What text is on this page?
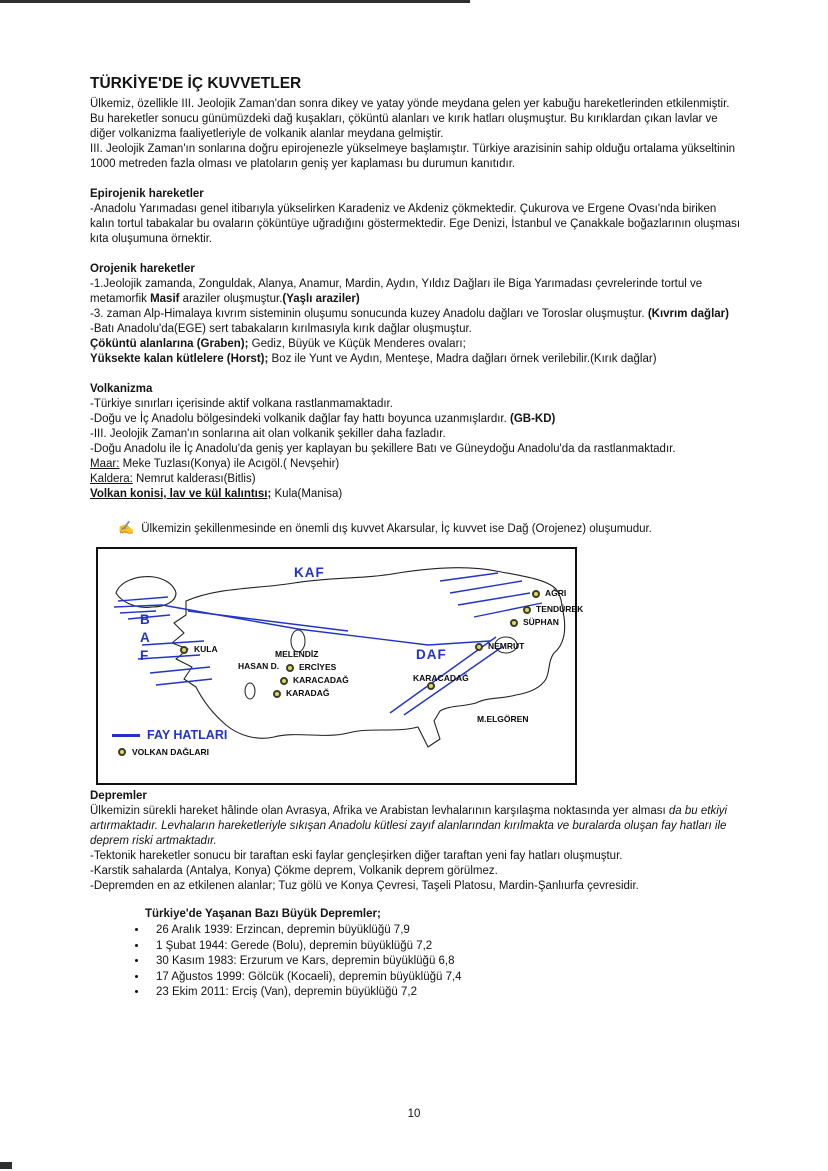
TÜRKİYE'DE İÇ KUVVETLER
Ülkemiz, özellikle III. Jeolojik Zaman'dan sonra dikey ve yatay yönde meydana gelen yer kabuğu hareketlerinden etkilenmiştir. Bu hareketler sonucu günümüzdeki dağ kuşakları, çöküntü alanları ve kırık hatları oluşmuştur. Bu kırıklardan çıkan lavlar ve diğer volkanizma faaliyetleriyle de volkanik alanlar meydana gelmiştir.
III. Jeolojik Zaman'ın sonlarına doğru epirojenezle yükselmeye başlamıştır. Türkiye arazisinin sahip olduğu ortalama yükseltinin 1000 metreden fazla olması ve platoların geniş yer kaplaması bu durumun kanıtıdır.
Epirojenik hareketler
-Anadolu Yarımadası genel itibarıyla yükselirken Karadeniz ve Akdeniz çökmektedir. Çukurova ve Ergene Ovası'nda biriken kalın tortul tabakalar bu ovaların çöküntüye uğradığını göstermektedir. Ege Denizi, İstanbul ve Çanakkale boğazlarının oluşması kıta oluşumuna örnektir.
Orojenik hareketler
-1.Jeolojik zamanda, Zonguldak, Alanya, Anamur, Mardin, Aydın, Yıldız Dağları ile Biga Yarımadası çevrelerinde tortul ve metamorfik Masif araziler oluşmuştur.(Yaşlı araziler)
-3. zaman Alp-Himalaya kıvrım sisteminin oluşumu sonucunda kuzey Anadolu dağları ve Toroslar oluşmuştur. (Kıvrım dağlar)
-Batı Anadolu'da(EGE) sert tabakaların kırılmasıyla kırık dağlar oluşmuştur.
Çöküntü alanlarına (Graben); Gediz, Büyük ve Küçük Menderes ovaları;
Yüksekte kalan kütlelere (Horst); Boz ile Yunt ve Aydın, Menteşe, Madra dağları örnek verilebilir.(Kırık dağlar)
Volkanizma
-Türkiye sınırları içerisinde aktif volkana rastlanmamaktadır.
-Doğu ve İç Anadolu bölgesindeki volkanik dağlar fay hattı boyunca uzanmışlardır. (GB-KD)
-III. Jeolojik Zaman'ın sonlarına ait olan volkanik şekiller daha fazladır.
-Doğu Anadolu ile İç Anadolu'da geniş yer kaplayan bu şekillere Batı ve Güneydoğu Anadolu'da da rastlanmaktadır.
Maar: Meke Tuzlası(Konya) ile Acıgöl.( Nevşehir)
Kaldera: Nemrut kalderası(Bitlis)
Volkan konisi, lav ve kül kalıntısı; Kula(Manisa)
✍ Ülkemizin şekillenmesinde en önemli dış kuvvet Akarsular, İç kuvvet ise Dağ (Orojenez) oluşumudur.
KAF
DAF
B
A
F
FAY HATLARI
VOLKAN DAĞLARI
AĞRI
TENDÜREK
SÜPHAN
NEMRUT
KULA	MELENDİZ
HASAN D. ERCİYES
KARACADAĞ
KARADAĞ
KARACADAĞ
M.ELGÖREN
Depremler
Ülkemizin sürekli hareket hâlinde olan Avrasya, Afrika ve Arabistan levhalarının karşılaşma noktasında yer alması da bu etkiyi artırmaktadır. Levhaların hareketleriyle sıkışan Anadolu kütlesi zayıf alanlarından kırılmakta ve buralarda oluşan fay hatları ile deprem riski artmaktadır.
-Tektonik hareketler sonucu bir taraftan eski faylar gençleşirken diğer taraftan yeni fay hatları oluşmuştur.
-Karstik sahalarda (Antalya, Konya) Çökme deprem, Volkanik deprem görülmez.
-Depremden en az etkilenen alanlar; Tuz gölü ve Konya Çevresi, Taşeli Platosu, Mardin-Şanlıurfa çevresidir.
Türkiye'de Yaşanan Bazı Büyük Depremler;
• 26 Aralık 1939: Erzincan, depremin büyüklüğü 7,9
• 1 Şubat 1944: Gerede (Bolu), depremin büyüklüğü 7,2
• 30 Kasım 1983: Erzurum ve Kars, depremin büyüklüğü 6,8
• 17 Ağustos 1999: Gölcük (Kocaeli), depremin büyüklüğü 7,4
• 23 Ekim 2011: Erciş (Van), depremin büyüklüğü 7,2
10
